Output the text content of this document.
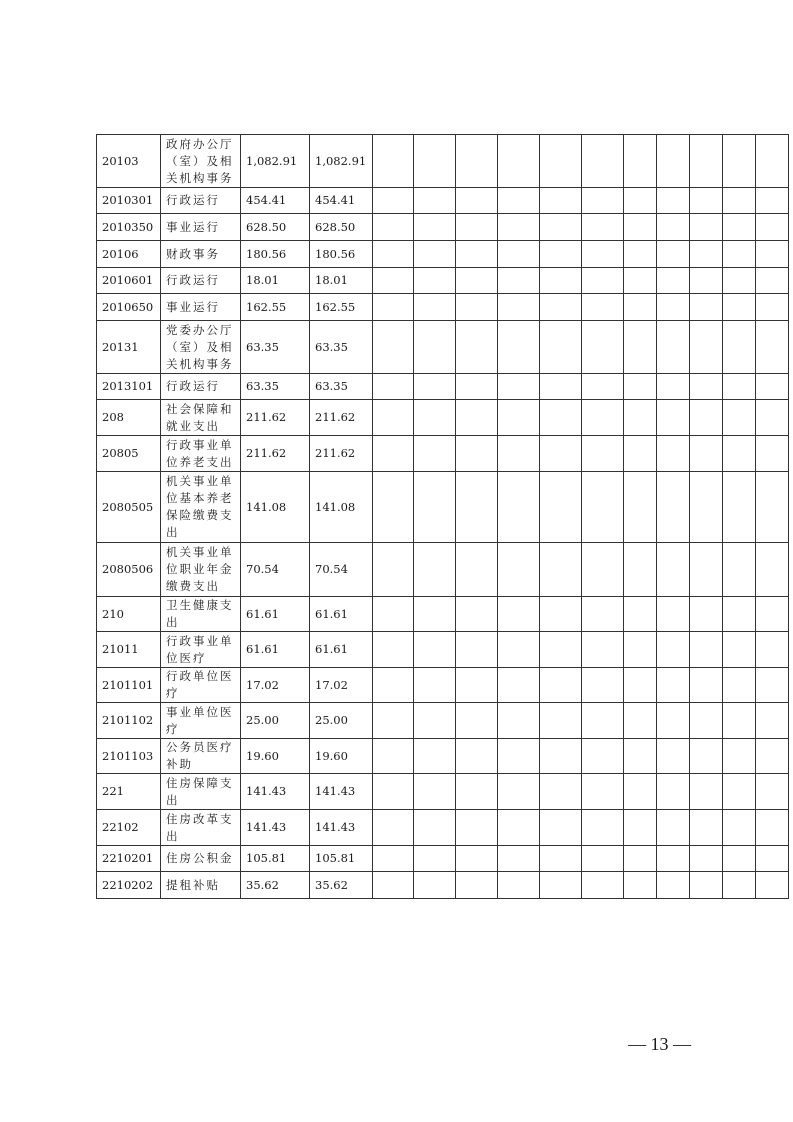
20103	政府办公厅（室）及相关机构事务	1,082.91	1,082.91											
2010301	行政运行	454.41	454.41											
2010350	事业运行	628.50	628.50											
20106	财政事务	180.56	180.56											
2010601	行政运行	18.01	18.01											
2010650	事业运行	162.55	162.55											
20131	党委办公厅（室）及相关机构事务	63.35	63.35											
2013101	行政运行	63.35	63.35											
208	社会保障和就业支出	211.62	211.62											
20805	行政事业单位养老支出	211.62	211.62											
2080505	机关事业单位基本养老保险缴费支出	141.08	141.08											
2080506	机关事业单位职业年金缴费支出	70.54	70.54											
210	卫生健康支出	61.61	61.61											
21011	行政事业单位医疗	61.61	61.61											
2101101	行政单位医疗	17.02	17.02											
2101102	事业单位医疗	25.00	25.00											
2101103	公务员医疗补助	19.60	19.60											
221	住房保障支出	141.43	141.43											
22102	住房改革支出	141.43	141.43											
2210201	住房公积金	105.81	105.81											
2210202	提租补贴	35.62	35.62											
— 13 —
